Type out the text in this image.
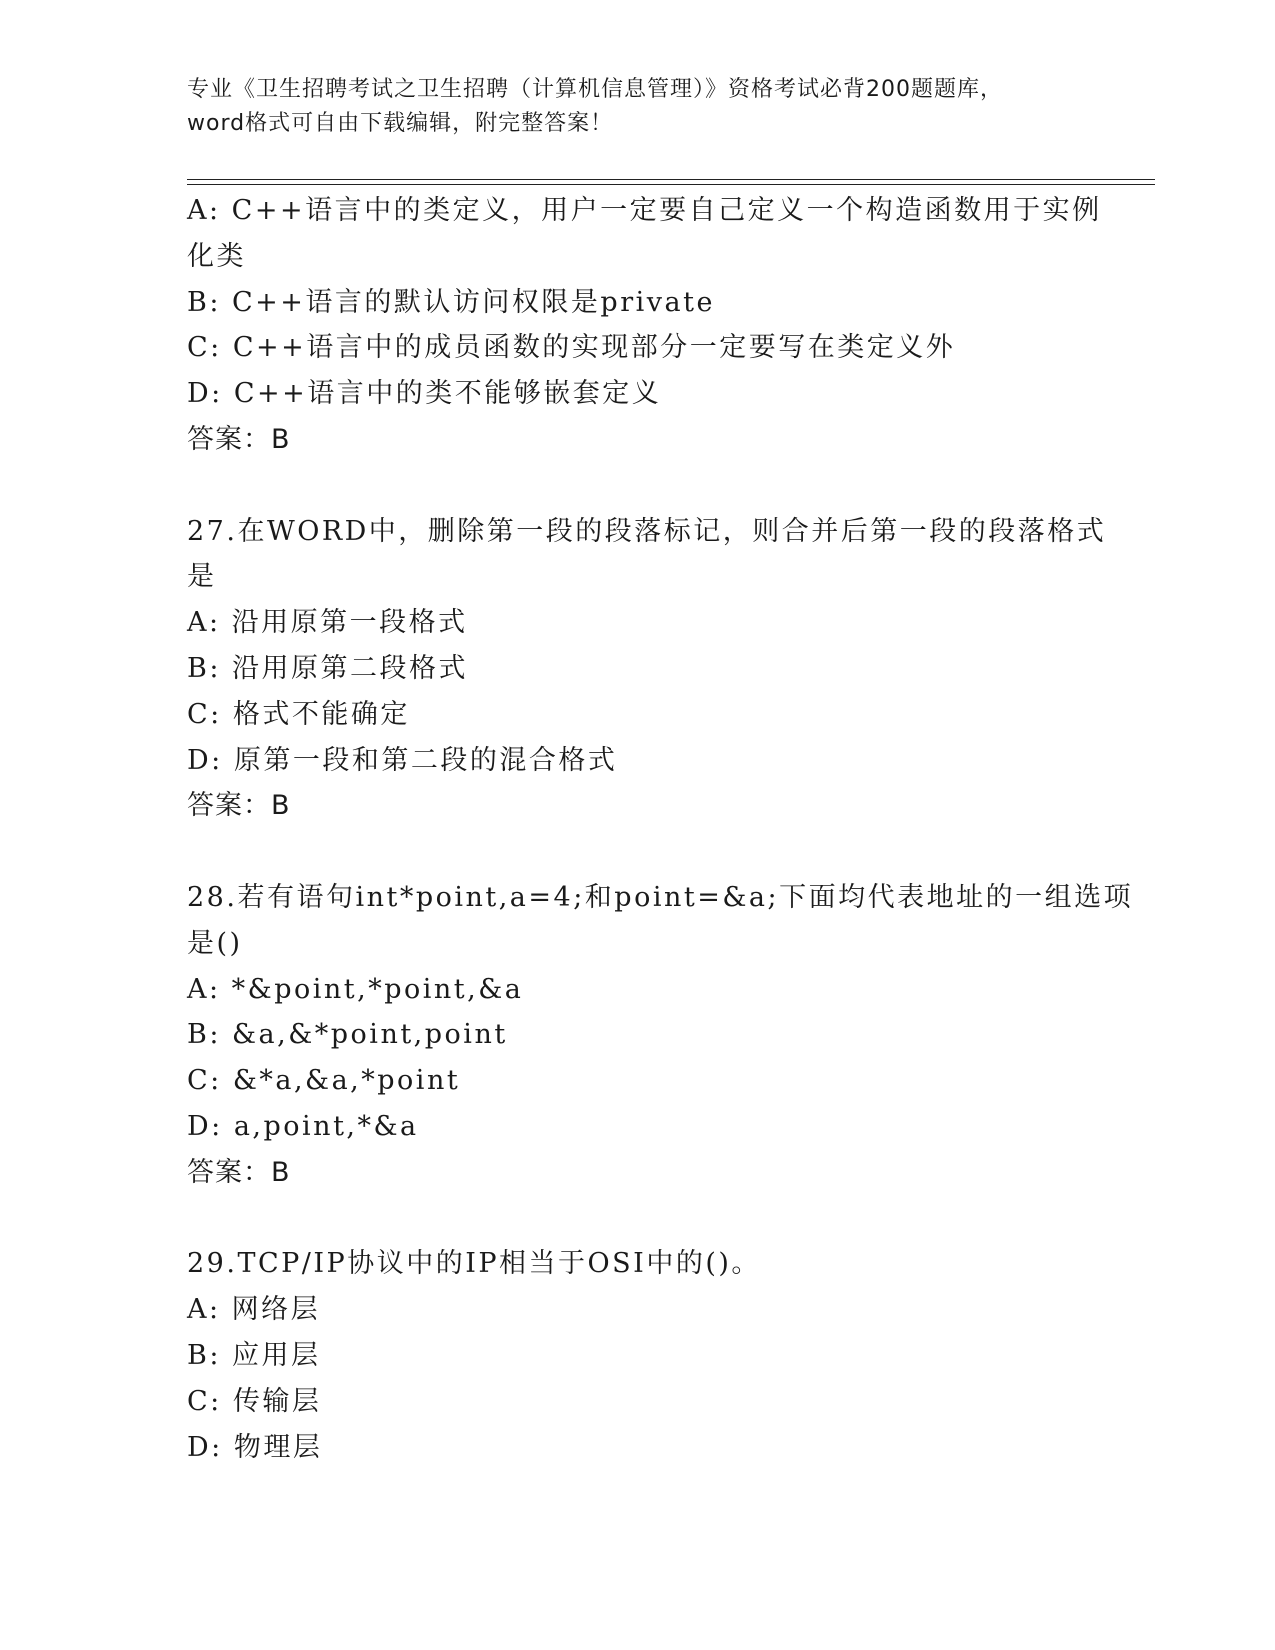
专业《卫生招聘考试之卫生招聘（计算机信息管理）》资格考试必背200题题库，
word格式可自由下载编辑，附完整答案！
A: C++语言中的类定义，用户一定要自己定义一个构造函数用于实例
化类
B: C++语言的默认访问权限是private
C: C++语言中的成员函数的实现部分一定要写在类定义外
D: C++语言中的类不能够嵌套定义
答案：B
27.在WORD中，删除第一段的段落标记，则合并后第一段的段落格式
是
A: 沿用原第一段格式
B: 沿用原第二段格式
C: 格式不能确定
D: 原第一段和第二段的混合格式
答案：B
28.若有语句int*point,a=4;和point=&a;下面均代表地址的一组选项
是()
A: *&point,*point,&a
B: &a,&*point,point
C: &*a,&a,*point
D: a,point,*&a
答案：B
29.TCP/IP协议中的IP相当于OSI中的()。
A: 网络层
B: 应用层
C: 传输层
D: 物理层
